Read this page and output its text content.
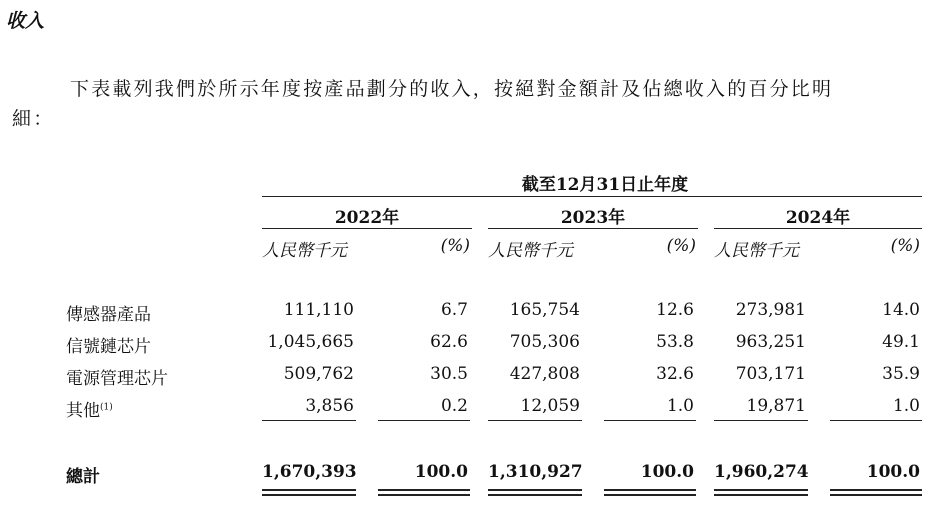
收入
下表載列我們於所示年度按產品劃分的收入，按絕對金額計及佔總收入的百分比明
細：
截至12月31日止年度
2022年	2023年	2024年
人民幣千元	(%) 人民幣千元	(%) 人民幣千元	(%)
傳感器產品	111,110	6.7	165,754	12.6	273,981	14.0
信號鏈芯片	1,045,665	62.6	705,306	53.8	963,251	49.1
電源管理芯片	509,762	30.5	427,808	32.6	703,171	35.9
其他$^{(1)}$	3,856	0.2	12,059	1.0	19,871	1.0
總計	1,670,393	100.0 1,310,927	100.0 1,960,274	100.0
